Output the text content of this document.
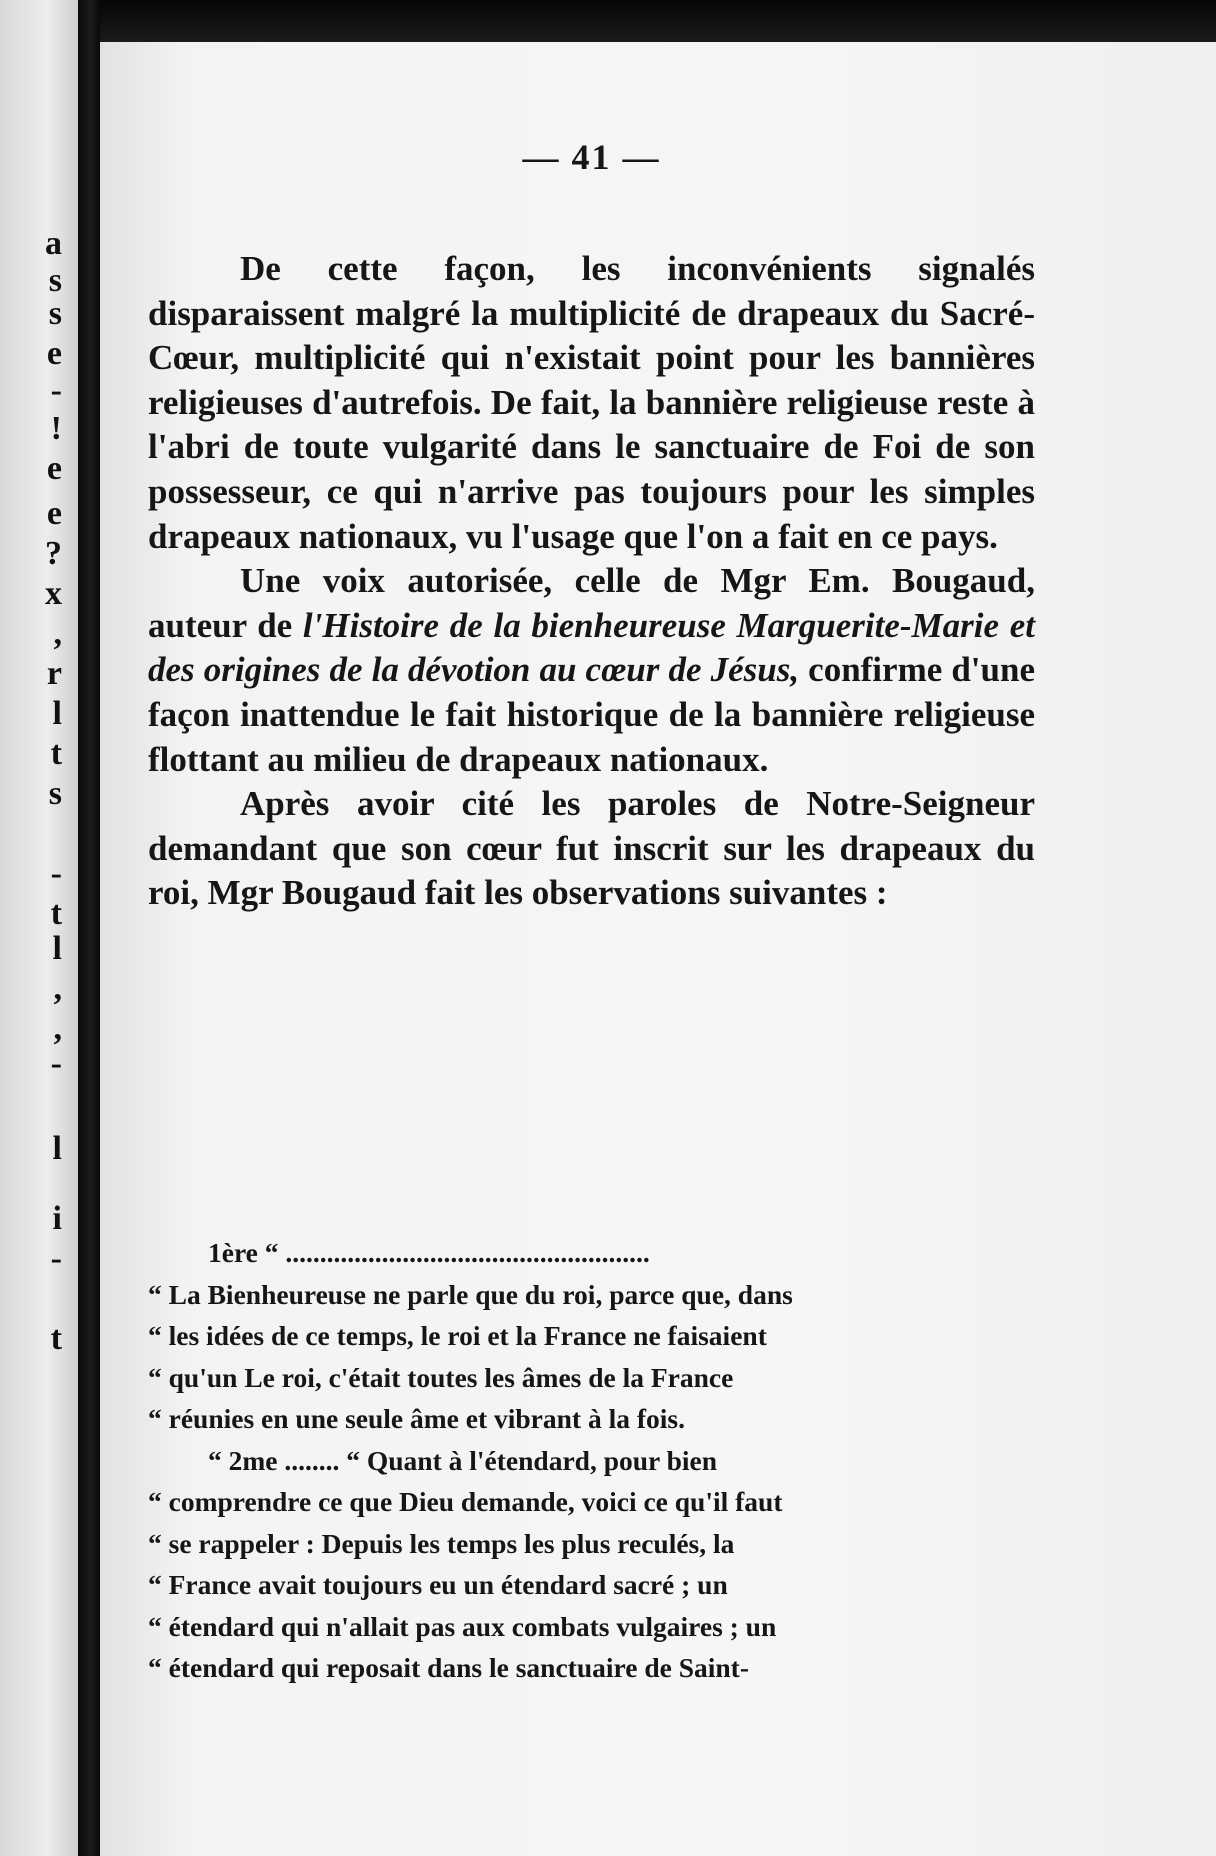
a
s
s
e
-
!
e
e
?
x
,
r
l
t
s
-
t
l
,
,
-
l
i
-
t
— 41 —

De cette façon, les inconvénients signalés disparaissent malgré la multiplicité de drapeaux du Sacré-Cœur, multiplicité qui n'existait point pour les bannières religieuses d'autrefois. De fait, la bannière religieuse reste à l'abri de toute vulgarité dans le sanctuaire de Foi de son possesseur, ce qui n'arrive pas toujours pour les simples drapeaux nationaux, vu l'usage que l'on a fait en ce pays.

Une voix autorisée, celle de Mgr Em. Bougaud, auteur de l'Histoire de la bienheureuse Marguerite-Marie et des origines de la dévotion au cœur de Jésus, confirme d'une façon inattendue le fait historique de la bannière religieuse flottant au milieu de drapeaux nationaux.

Après avoir cité les paroles de Notre-Seigneur demandant que son cœur fut inscrit sur les drapeaux du roi, Mgr Bougaud fait les observations suivantes :

1ère “ .....................................................
“ La Bienheureuse ne parle que du roi, parce que, dans
“ les idées de ce temps, le roi et la France ne faisaient
“ qu'un Le roi, c'était toutes les âmes de la France
“ réunies en une seule âme et vibrant à la fois.
“ 2me ........ “ Quant à l'étendard, pour bien
“ comprendre ce que Dieu demande, voici ce qu'il faut
“ se rappeler : Depuis les temps les plus reculés, la
“ France avait toujours eu un étendard sacré ; un
“ étendard qui n'allait pas aux combats vulgaires ; un
“ étendard qui reposait dans le sanctuaire de Saint-
